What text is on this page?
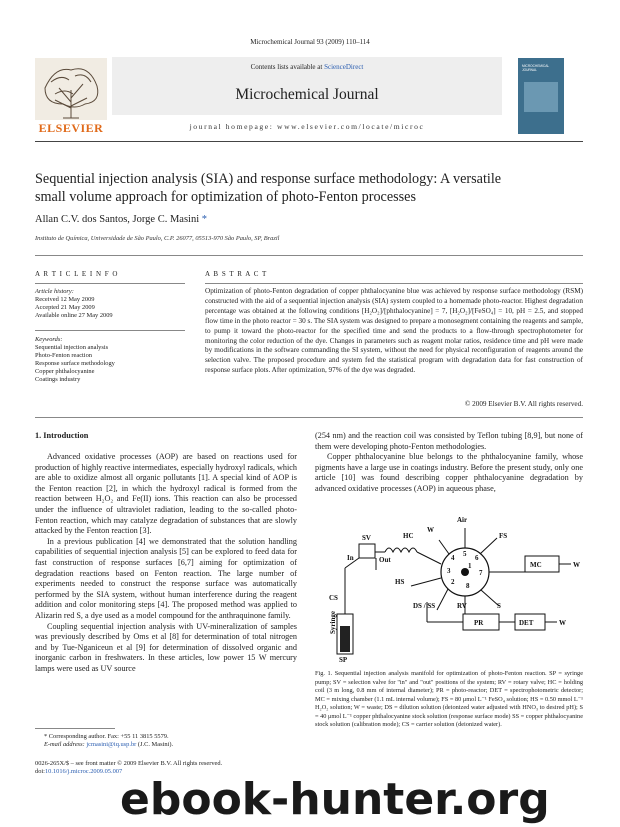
Microchemical Journal 93 (2009) 110–114
ELSEVIER
Contents lists available at ScienceDirect
Microchemical Journal
journal homepage: www.elsevier.com/locate/microc
MICROCHEMICAL JOURNAL
Sequential injection analysis (SIA) and response surface methodology: A versatile
small volume approach for optimization of photo-Fenton processes
Allan C.V. dos Santos, Jorge C. Masini *
Instituto de Química, Universidade de São Paulo, C.P. 26077, 05513-970 São Paulo, SP, Brazil
A R T I C L E I N F O
Article history:
Received 12 May 2009
Accepted 21 May 2009
Available online 27 May 2009
Keywords:
Sequential injection analysis
Photo-Fenton reaction
Response surface methodology
Copper phthalocyanine
Coatings industry
A B S T R A C T
Optimization of photo-Fenton degradation of copper phthalocyanine blue was achieved by response surface methodology (RSM) constructed with the aid of a sequential injection analysis (SIA) system coupled to a homemade photo-reactor. Highest degradation percentage was obtained at the following conditions [H₂O₂]/[phthalocyanine] = 7, [H₂O₂]/[FeSO₄] = 10, pH = 2.5, and stopped flow time in the photo reactor = 30 s. The SIA system was designed to prepare a monosegment containing the reagents and sample, to pump it toward the photo-reactor for the specified time and send the products to a flow-through spectrophotometer for monitoring the color reduction of the dye. Changes in parameters such as reagent molar ratios, residence time and pH were made by modifications in the software commanding the SI system, without the need for physical reconfiguration of reagents around the selection valve. The proposed procedure and system fed the statistical program with degradation data for fast construction of response surface plots. After optimization, 97% of the dye was degraded.
© 2009 Elsevier B.V. All rights reserved.
1. Introduction

Advanced oxidative processes (AOP) are based on reactions used for production of highly reactive intermediates, especially hydroxyl radicals, which are able to oxidize almost all organic pollutants [1]. A special kind of AOP is the Fenton reaction [2], in which the hydroxyl radical is formed from the reaction between H₂O₂ and Fe(II) ions. This reaction can also be processed under the influence of ultraviolet radiation, leading to the so-called photo-Fenton reaction, which may catalyze degradation of substances that are slowly attacked by the Fenton reaction [3].

In a previous publication [4] we demonstrated that the solution handling capabilities of sequential injection analysis [5] can be explored to feed data for fast construction of response surfaces [6,7] aiming for optimization of degradation reactions based on Fenton reaction. The large number of experiments needed to construct the response surface was automatically performed by the SIA system, without human interference during the reagent addition and color monitoring steps [4]. The proposed method was applied to Alizarin red S, a dye used as a model compound for the anthraquinone family.

Coupling sequential injection analysis with UV-mineralization of samples was previously described by Oms et al [8] for determination of total nitrogen and by Tue-Nganiceun et al [9] for determination of dissolved organic and inorganic carbon in freshwaters. In these articles, low power 15 W mercury lamps were used as UV source

(254 nm) and the reaction coil was consisted by Teflon tubing [8,9], but none of them were developing photo-Fenton methodologies.

Copper phthalocyanine blue belongs to the phthalocyanine family, whose pigments have a large use in coatings industry. Before the present study, only one article [10] was found describing copper phthalocyanine degradation by advanced oxidative processes (AOP) in aqueous phase,

Air
SV	HC
W
FS
In	Out
MC	W
HS
RV
CS
DS / SS	S
PR	DET	W
Syringe
SP
1
2
3
4 5 6
7
8
Fig. 1. Sequential injection analysis manifold for optimization of photo-Fenton reaction. SP = syringe pump; SV = selection valve for "in" and "out" positions of the system; RV = rotary valve; HC = holding coil (3 m long, 0.8 mm of internal diameter); PR = photo-reactor; DET = spectrophotometric detector; MC = mixing chamber (1.1 mL internal volume); FS = 80 μmol L⁻¹ FeSO₄ solution; HS = 0.50 mmol L⁻¹ H₂O₂ solution; W = waste; DS = dilution solution (deionized water adjusted with HNO₃ to desired pH); S = 40 μmol L⁻¹ copper phthalocyanine stock solution (response surface mode) SS = copper phthalocyanine stock solution (calibration mode); CS = carrier solution (deionized water).
* Corresponding author. Fax: +55 11 3815 5579.
E-mail address: jcmasini@iq.usp.br (J.C. Masini).
0026-265X/$ – see front matter © 2009 Elsevier B.V. All rights reserved.
doi:10.1016/j.microc.2009.05.007
ebook-hunter.org
